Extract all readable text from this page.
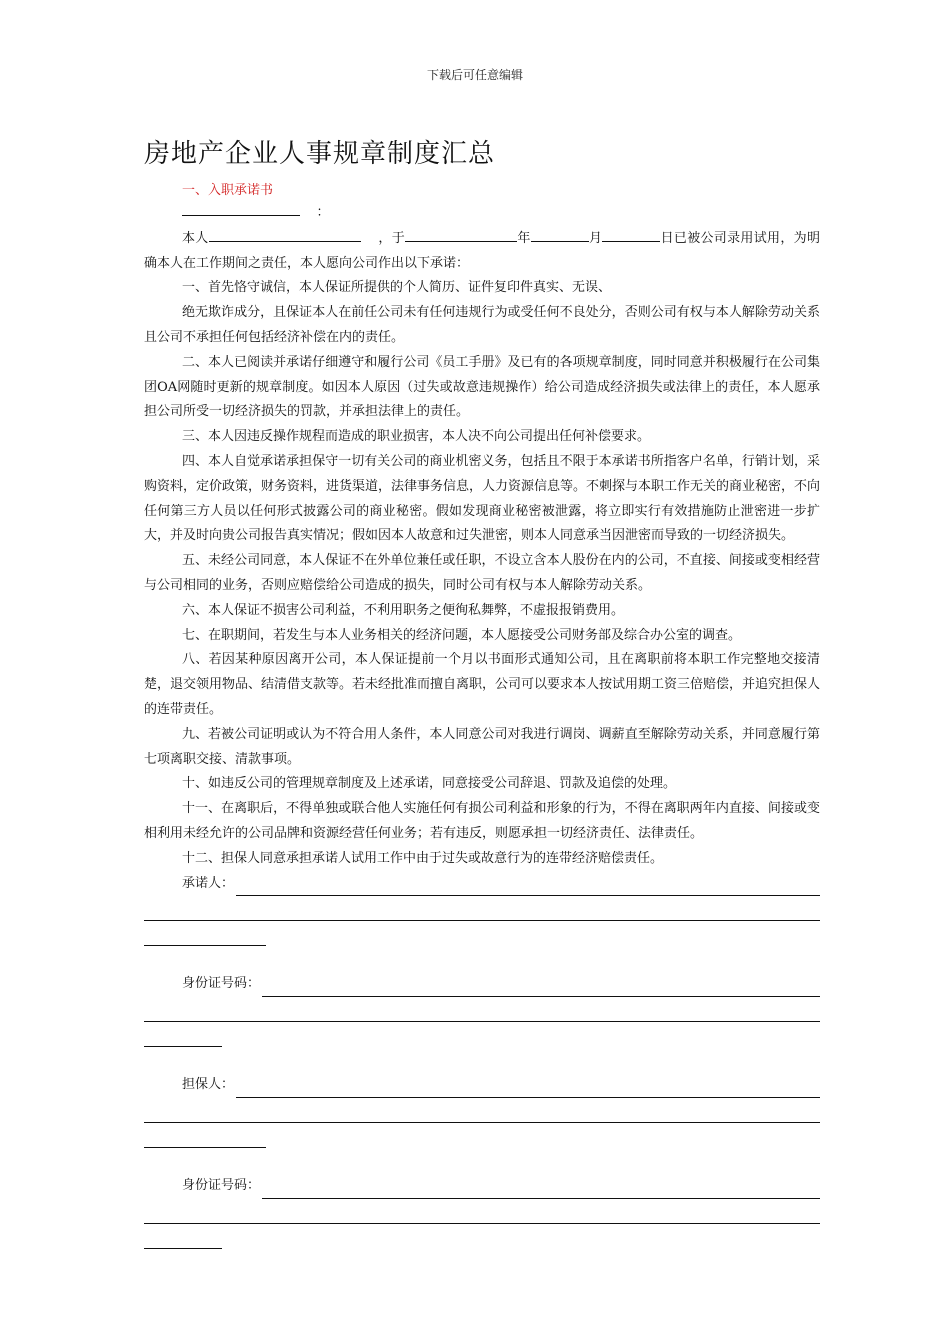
下载后可任意编辑
房地产企业人事规章制度汇总
一、入职承诺书

：

本人	，于	年	月	日已被公司录用试用，为明确本人在工作期间之责任，本人愿向公司作出以下承诺：

一、首先恪守诚信，本人保证所提供的个人简历、证件复印件真实、无误、

绝无欺诈成分，且保证本人在前任公司未有任何违规行为或受任何不良处分，否则公司有权与本人解除劳动关系且公司不承担任何包括经济补偿在内的责任。

二、本人已阅读并承诺仔细遵守和履行公司《员工手册》及已有的各项规章制度，同时同意并积极履行在公司集团OA网随时更新的规章制度。如因本人原因（过失或故意违规操作）给公司造成经济损失或法律上的责任，本人愿承担公司所受一切经济损失的罚款，并承担法律上的责任。

三、本人因违反操作规程而造成的职业损害，本人决不向公司提出任何补偿要求。

四、本人自觉承诺承担保守一切有关公司的商业机密义务，包括且不限于本承诺书所指客户名单，行销计划，采购资料，定价政策，财务资料，进货渠道，法律事务信息，人力资源信息等。不刺探与本职工作无关的商业秘密，不向任何第三方人员以任何形式披露公司的商业秘密。假如发现商业秘密被泄露，将立即实行有效措施防止泄密进一步扩大，并及时向贵公司报告真实情况；假如因本人故意和过失泄密，则本人同意承当因泄密而导致的一切经济损失。

五、未经公司同意，本人保证不在外单位兼任或任职，不设立含本人股份在内的公司，不直接、间接或变相经营与公司相同的业务，否则应赔偿给公司造成的损失，同时公司有权与本人解除劳动关系。

六、本人保证不损害公司利益，不利用职务之便徇私舞弊，不虚报报销费用。

七、在职期间，若发生与本人业务相关的经济问题，本人愿接受公司财务部及综合办公室的调查。

八、若因某种原因离开公司，本人保证提前一个月以书面形式通知公司，且在离职前将本职工作完整地交接清楚，退交领用物品、结清借支款等。若未经批准而擅自离职，公司可以要求本人按试用期工资三倍赔偿，并追究担保人的连带责任。

九、若被公司证明或认为不符合用人条件，本人同意公司对我进行调岗、调薪直至解除劳动关系，并同意履行第七项离职交接、清款事项。

十、如违反公司的管理规章制度及上述承诺，同意接受公司辞退、罚款及追偿的处理。

十一、在离职后，不得单独或联合他人实施任何有损公司利益和形象的行为，不得在离职两年内直接、间接或变相利用未经允许的公司品牌和资源经营任何业务；若有违反，则愿承担一切经济责任、法律责任。

十二、担保人同意承担承诺人试用工作中由于过失或故意行为的连带经济赔偿责任。

承诺人：
身份证号码：
担保人：
身份证号码：
